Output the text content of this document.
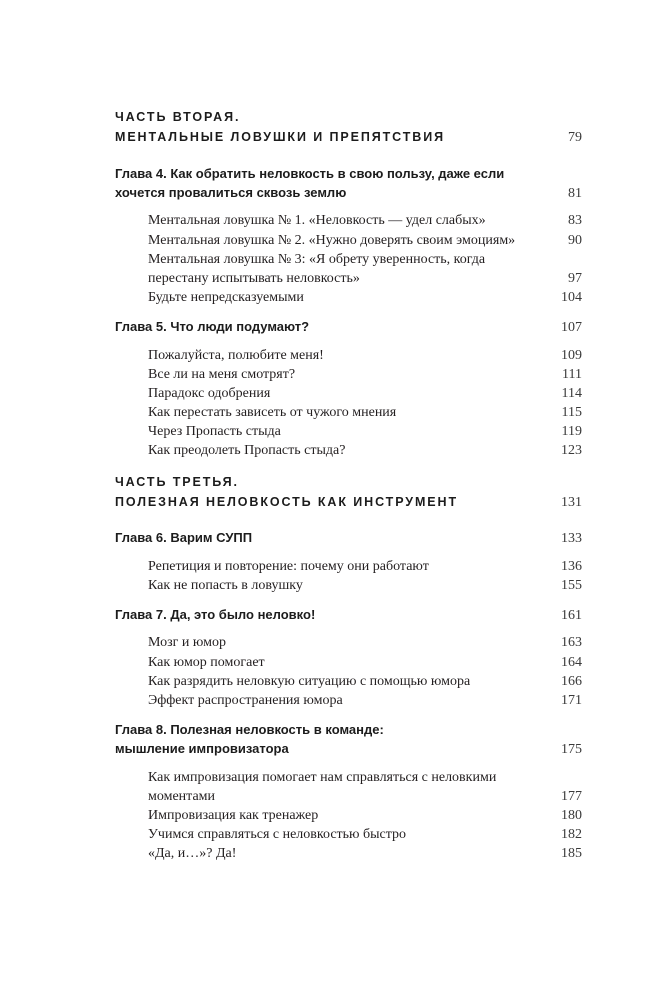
ЧАСТЬ ВТОРАЯ.
МЕНТАЛЬНЫЕ ЛОВУШКИ И ПРЕПЯТСТВИЯ	79
Глава 4. Как обратить неловкость в свою пользу, даже если
хочется провалиться сквозь землю	81
Ментальная ловушка № 1. «Неловкость — удел слабых»	83
Ментальная ловушка № 2. «Нужно доверять своим эмоциям»	90
Ментальная ловушка № 3: «Я обрету уверенность, когда
перестану испытывать неловкость»	97
Будьте непредсказуемыми	104
Глава 5. Что люди подумают?	107
Пожалуйста, полюбите меня!	109
Все ли на меня смотрят?	111
Парадокс одобрения	114
Как перестать зависеть от чужого мнения	115
Через Пропасть стыда	119
Как преодолеть Пропасть стыда?	123
ЧАСТЬ ТРЕТЬЯ.
ПОЛЕЗНАЯ НЕЛОВКОСТЬ КАК ИНСТРУМЕНТ	131
Глава 6. Варим СУПП	133
Репетиция и повторение: почему они работают	136
Как не попасть в ловушку	155
Глава 7. Да, это было неловко!	161
Мозг и юмор	163
Как юмор помогает	164
Как разрядить неловкую ситуацию с помощью юмора	166
Эффект распространения юмора	171
Глава 8. Полезная неловкость в команде:
мышление импровизатора	175
Как импровизация помогает нам справляться с неловкими
моментами	177
Импровизация как тренажер	180
Учимся справляться с неловкостью быстро	182
«Да, и…»? Да!	185
